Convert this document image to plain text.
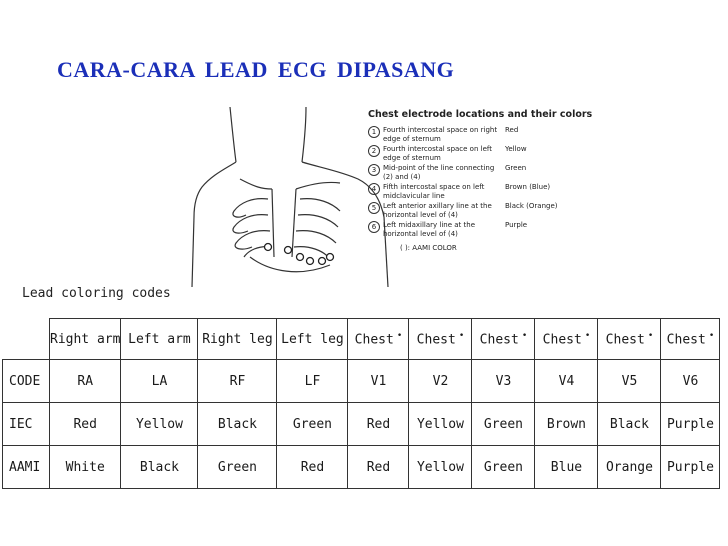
CARA-CARA LEAD ECG DIPASANG
Chest electrode locations and their colors
1 Fourth intercostal space on right edge of sternum
Red
2 Fourth intercostal space on left edge of sternum
Yellow
3 Mid-point of the line connecting (2) and (4)
Green
4 Fifth intercostal space on left midclavicular line
Brown (Blue)
5 Left anterior axillary line at the horizontal level of (4)
Black (Orange)
6 Left midaxillary line at the horizontal level of (4)
Purple
( ): AAMI COLOR
Lead coloring codes
	Right arm	Left arm	Right leg	Left leg	Chest •	Chest •	Chest •	Chest •	Chest •	Chest •
CODE	RA	LA	RF	LF	V1	V2	V3	V4	V5	V6
IEC	Red	Yellow	Black	Green	Red	Yellow	Green	Brown	Black	Purple
AAMI	White	Black	Green	Red	Red	Yellow	Green	Blue	Orange	Purple
